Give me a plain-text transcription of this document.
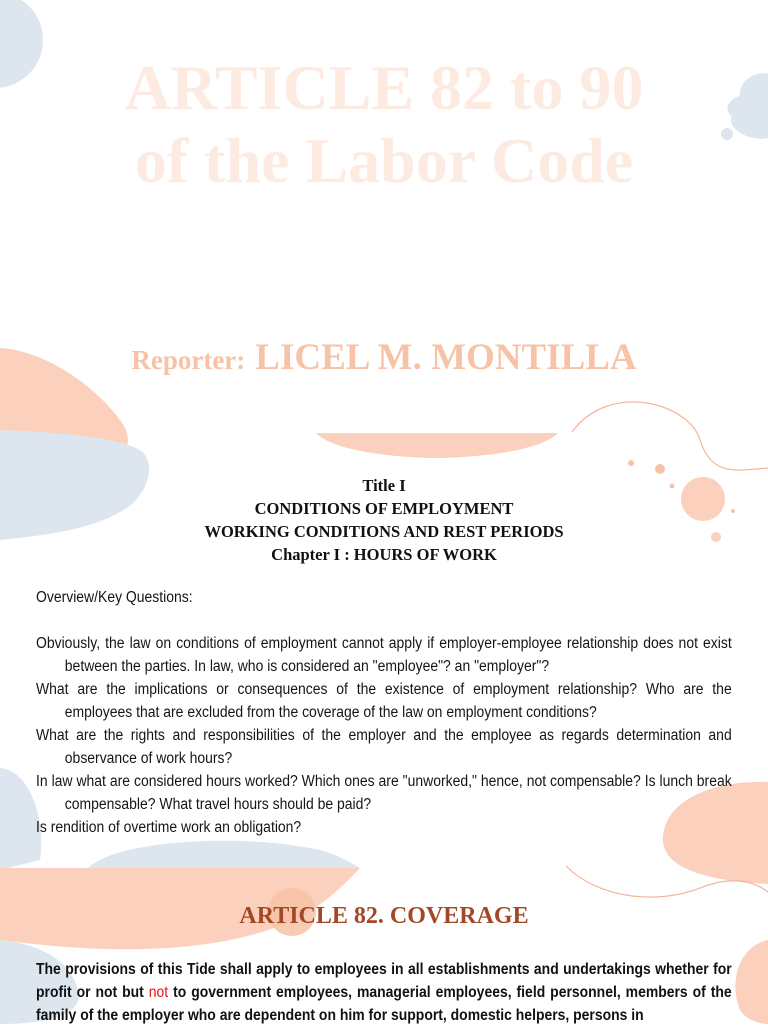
ARTICLE 82 to 90
of the Labor Code
Reporter: LICEL M. MONTILLA
Title I
CONDITIONS OF EMPLOYMENT
WORKING CONDITIONS AND REST PERIODS
Chapter I : HOURS OF WORK
Overview/Key Questions:

Obviously, the law on conditions of employment cannot apply if employer-employee relationship does not exist between the parties. In law, who is considered an "employee"? an "employer"?

What are the implications or consequences of the existence of employment relationship? Who are the employees that are excluded from the coverage of the law on employment conditions?

What are the rights and responsibilities of the employer and the employee as regards determination and observance of work hours?

In law what are considered hours worked? Which ones are "unworked," hence, not compensable? Is lunch break compensable? What travel hours should be paid?

Is rendition of overtime work an obligation?

ARTICLE 82. COVERAGE
The provisions of this Tide shall apply to employees in all establishments and undertakings whether for profit or not but not to government employees, managerial employees, field personnel, members of the family of the employer who are dependent on him for support, domestic helpers, persons in
